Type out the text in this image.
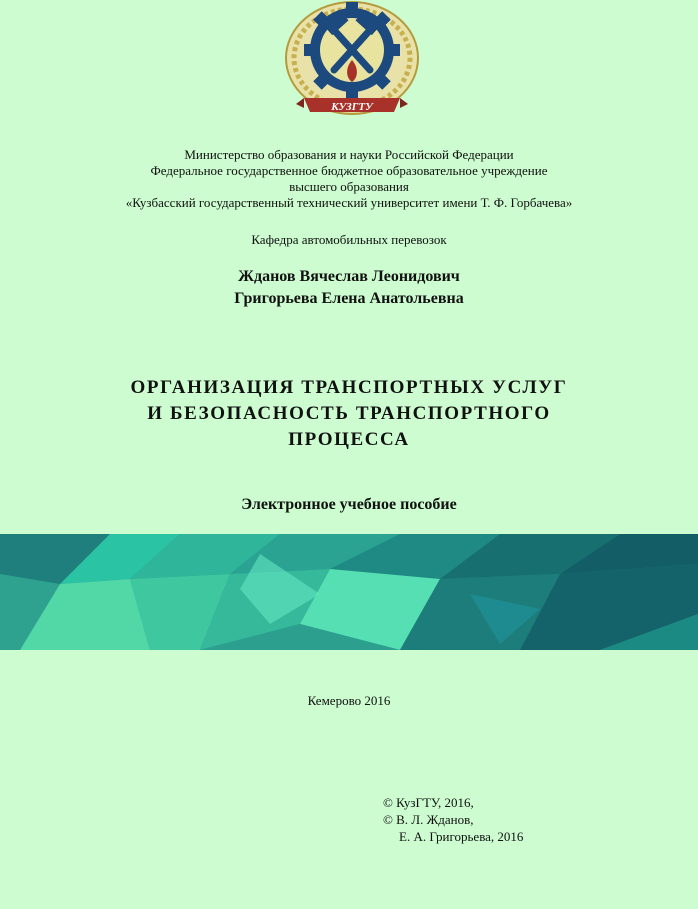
КУЗГТУ
Министерство образования и науки Российской Федерации
Федеральное государственное бюджетное образовательное учреждение
высшего образования
«Кузбасский государственный технический университет имени Т. Ф. Горбачева»
Кафедра автомобильных перевозок
Жданов Вячеслав Леонидович
Григорьева Елена Анатольевна
ОРГАНИЗАЦИЯ ТРАНСПОРТНЫХ УСЛУГ
И БЕЗОПАСНОСТЬ ТРАНСПОРТНОГО
ПРОЦЕССА
Электронное учебное пособие
Кемерово 2016
© КузГТУ, 2016,
© В. Л. Жданов,
Е. А. Григорьева, 2016
